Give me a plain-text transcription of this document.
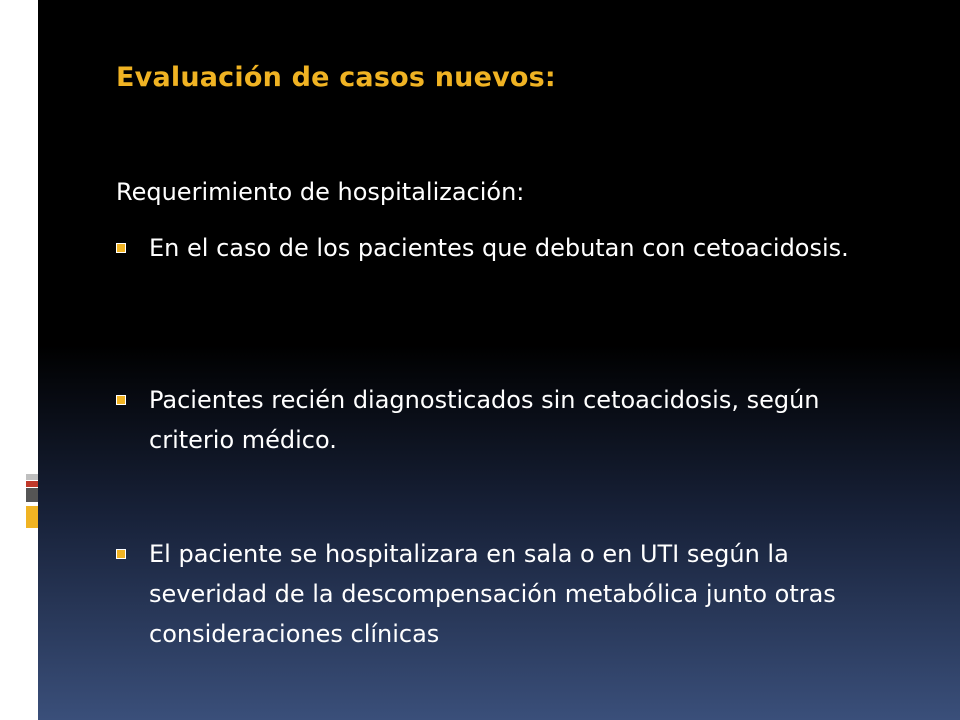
Evaluación de casos nuevos:
Requerimiento de hospitalización:
En el caso de los pacientes que debutan con cetoacidosis.
Pacientes recién diagnosticados sin cetoacidosis, según criterio médico.
El paciente se hospitalizara en sala o en UTI según la severidad de la descompensación metabólica junto otras consideraciones clínicas
